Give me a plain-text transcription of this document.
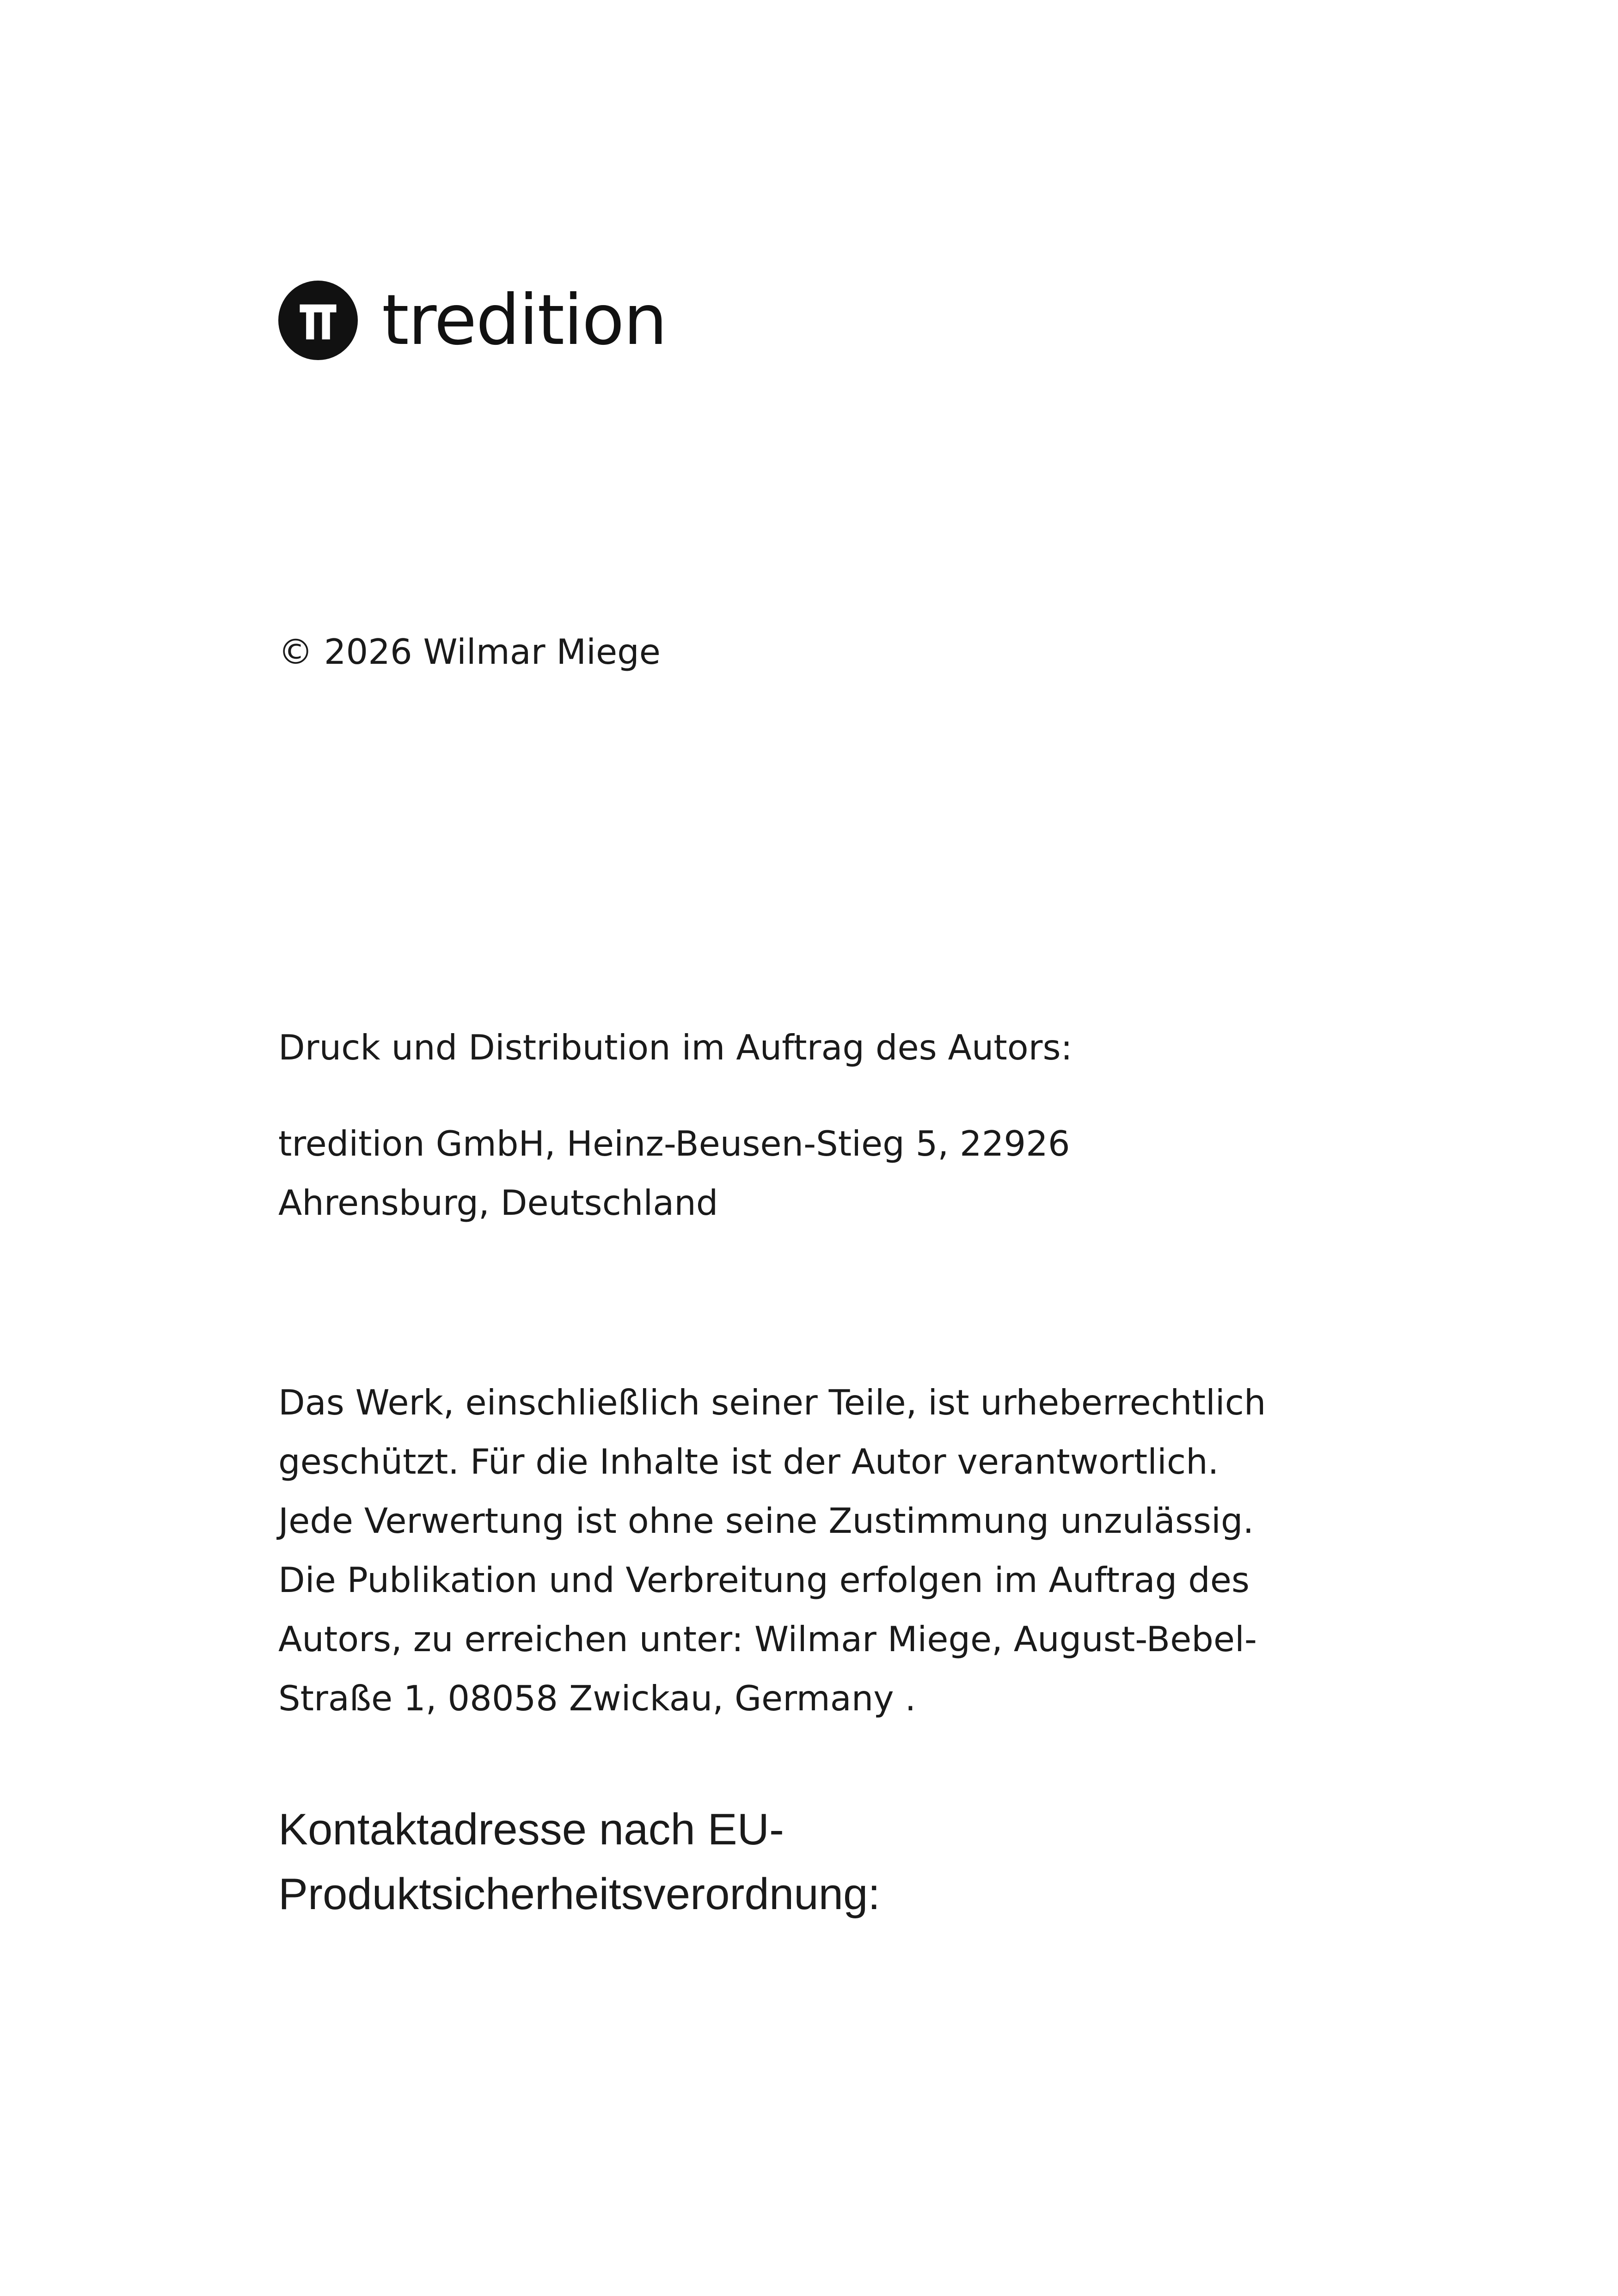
tredition

© 2026 Wilmar Miege

Druck und Distribution im Auftrag des Autors:

tredition GmbH, Heinz-Beusen-Stieg 5, 22926
Ahrensburg, Deutschland

Das Werk, einschließlich seiner Teile, ist urheberrechtlich
geschützt. Für die Inhalte ist der Autor verantwortlich.
Jede Verwertung ist ohne seine Zustimmung unzulässig.
Die Publikation und Verbreitung erfolgen im Auftrag des
Autors, zu erreichen unter: Wilmar Miege, August-Bebel-
Straße 1, 08058 Zwickau, Germany .

Kontaktadresse nach EU-
Produktsicherheitsverordnung:
